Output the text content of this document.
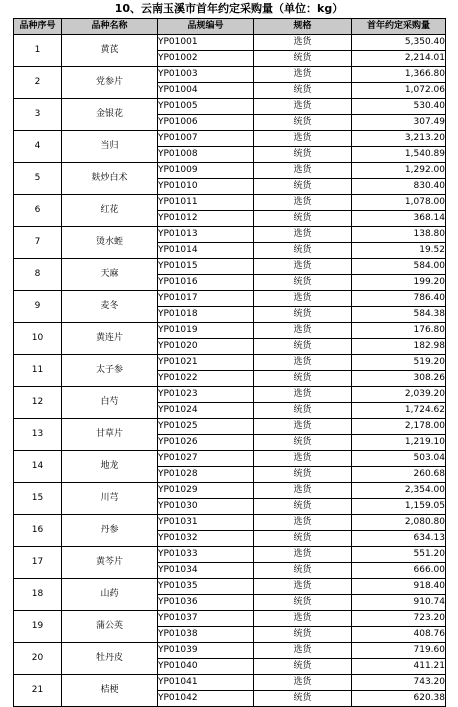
10、云南玉溪市首年约定采购量（单位：kg）
品种序号	品种名称	品规编号	规格	首年约定采购量
1	黄芪	YP01001	选货	5,350.40
		YP01002	统货	2,214.01
2	党参片	YP01003	选货	1,366.80
		YP01004	统货	1,072.06
3	金银花	YP01005	选货	530.40
		YP01006	统货	307.49
4	当归	YP01007	选货	3,213.20
		YP01008	统货	1,540.89
5	麸炒白术	YP01009	选货	1,292.00
		YP01010	统货	830.40
6	红花	YP01011	选货	1,078.00
		YP01012	统货	368.14
7	烫水蛭	YP01013	选货	138.80
		YP01014	统货	19.52
8	天麻	YP01015	选货	584.00
		YP01016	统货	199.20
9	麦冬	YP01017	选货	786.40
		YP01018	统货	584.38
10	黄连片	YP01019	选货	176.80
		YP01020	统货	182.98
11	太子参	YP01021	选货	519.20
		YP01022	统货	308.26
12	白芍	YP01023	选货	2,039.20
		YP01024	统货	1,724.62
13	甘草片	YP01025	选货	2,178.00
		YP01026	统货	1,219.10
14	地龙	YP01027	选货	503.04
		YP01028	统货	260.68
15	川芎	YP01029	选货	2,354.00
		YP01030	统货	1,159.05
16	丹参	YP01031	选货	2,080.80
		YP01032	统货	634.13
17	黄芩片	YP01033	选货	551.20
		YP01034	统货	666.00
18	山药	YP01035	选货	918.40
		YP01036	统货	910.74
19	蒲公英	YP01037	选货	723.20
		YP01038	统货	408.76
20	牡丹皮	YP01039	选货	719.60
		YP01040	统货	411.21
21	桔梗	YP01041	选货	743.20
		YP01042	统货	620.38
